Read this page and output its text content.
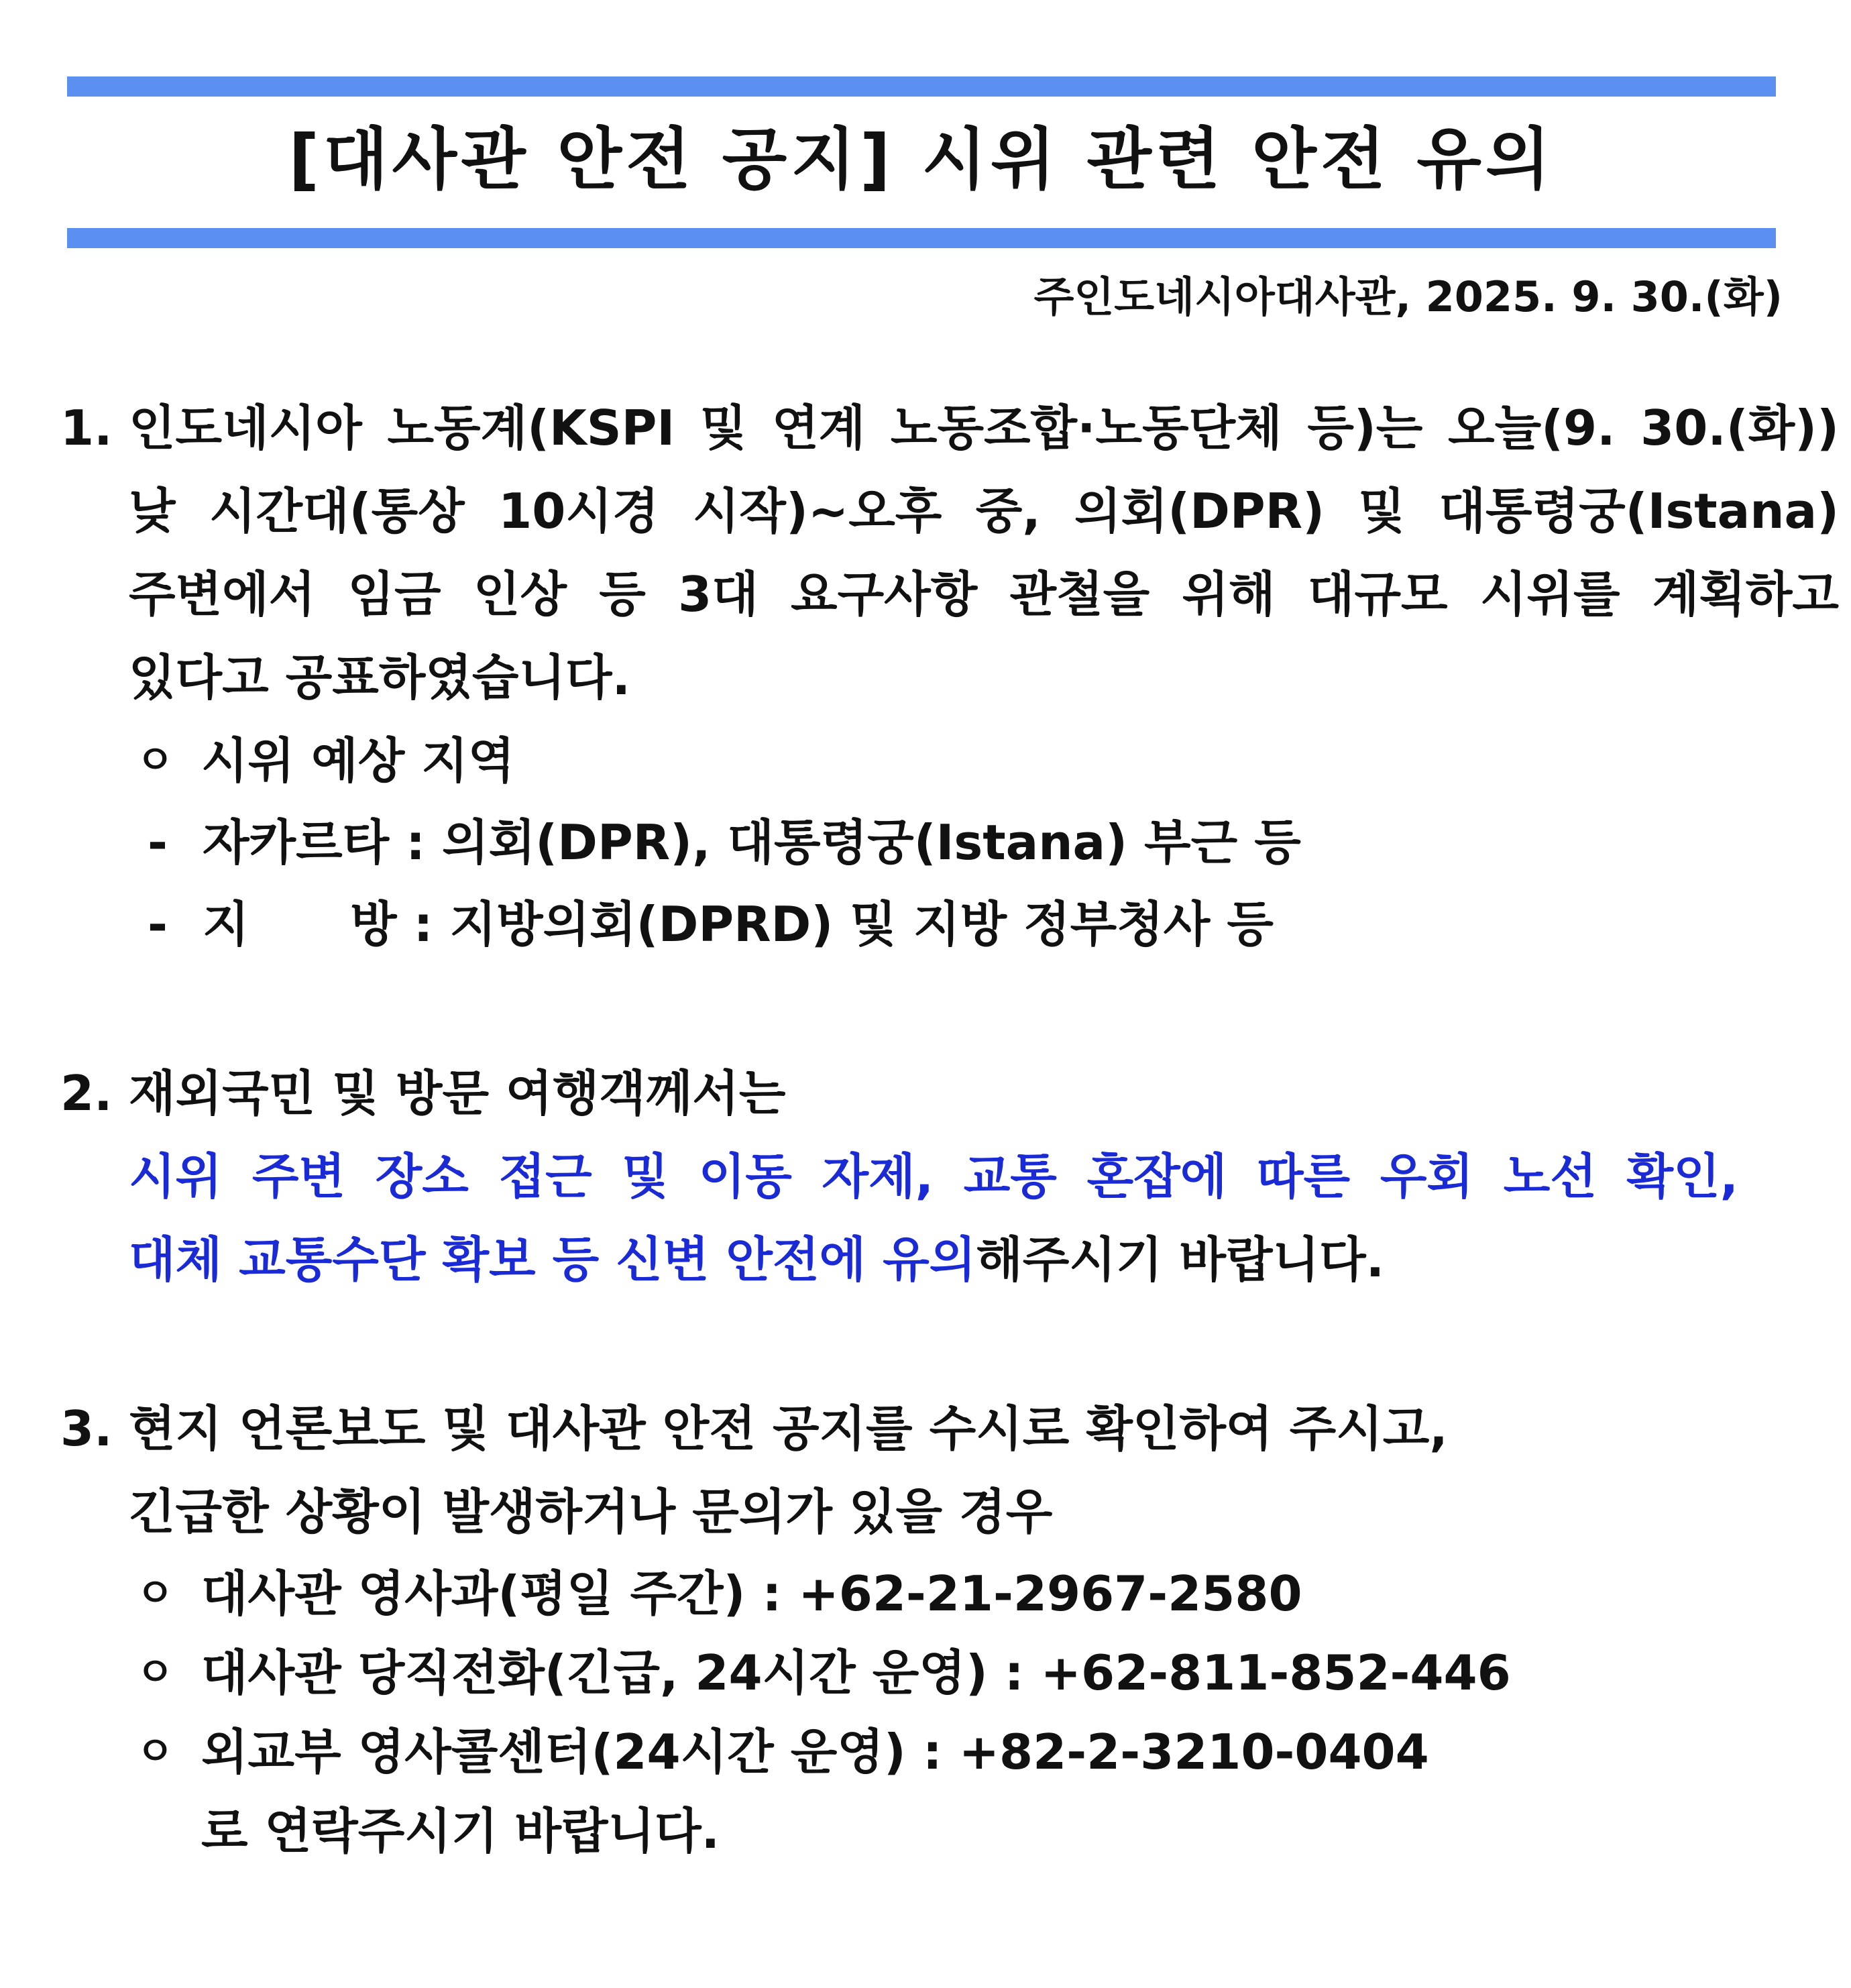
[대사관 안전 공지] 시위 관련 안전 유의
주인도네시아대사관, 2025. 9. 30.(화)
1. 인도네시아 노동계(KSPI 및 연계 노동조합·노동단체 등)는 오늘(9. 30.(화))
낮 시간대(통상 10시경 시작)~오후 중, 의회(DPR) 및 대통령궁(Istana)
주변에서 임금 인상 등 3대 요구사항 관철을 위해 대규모 시위를 계획하고
있다고 공표하였습니다.
ㅇ 시위 예상 지역
- 자카르타 : 의회(DPR), 대통령궁(Istana) 부근 등
- 지      방 : 지방의회(DPRD) 및 지방 정부청사 등
2. 재외국민 및 방문 여행객께서는
시위 주변 장소 접근 및 이동 자제, 교통 혼잡에 따른 우회 노선 확인,
대체 교통수단 확보 등 신변 안전에 유의해주시기 바랍니다.
3. 현지 언론보도 및 대사관 안전 공지를 수시로 확인하여 주시고,
긴급한 상황이 발생하거나 문의가 있을 경우
ㅇ 대사관 영사과(평일 주간) : +62-21-2967-2580
ㅇ 대사관 당직전화(긴급, 24시간 운영) : +62-811-852-446
ㅇ 외교부 영사콜센터(24시간 운영) : +82-2-3210-0404
로 연락주시기 바랍니다.
